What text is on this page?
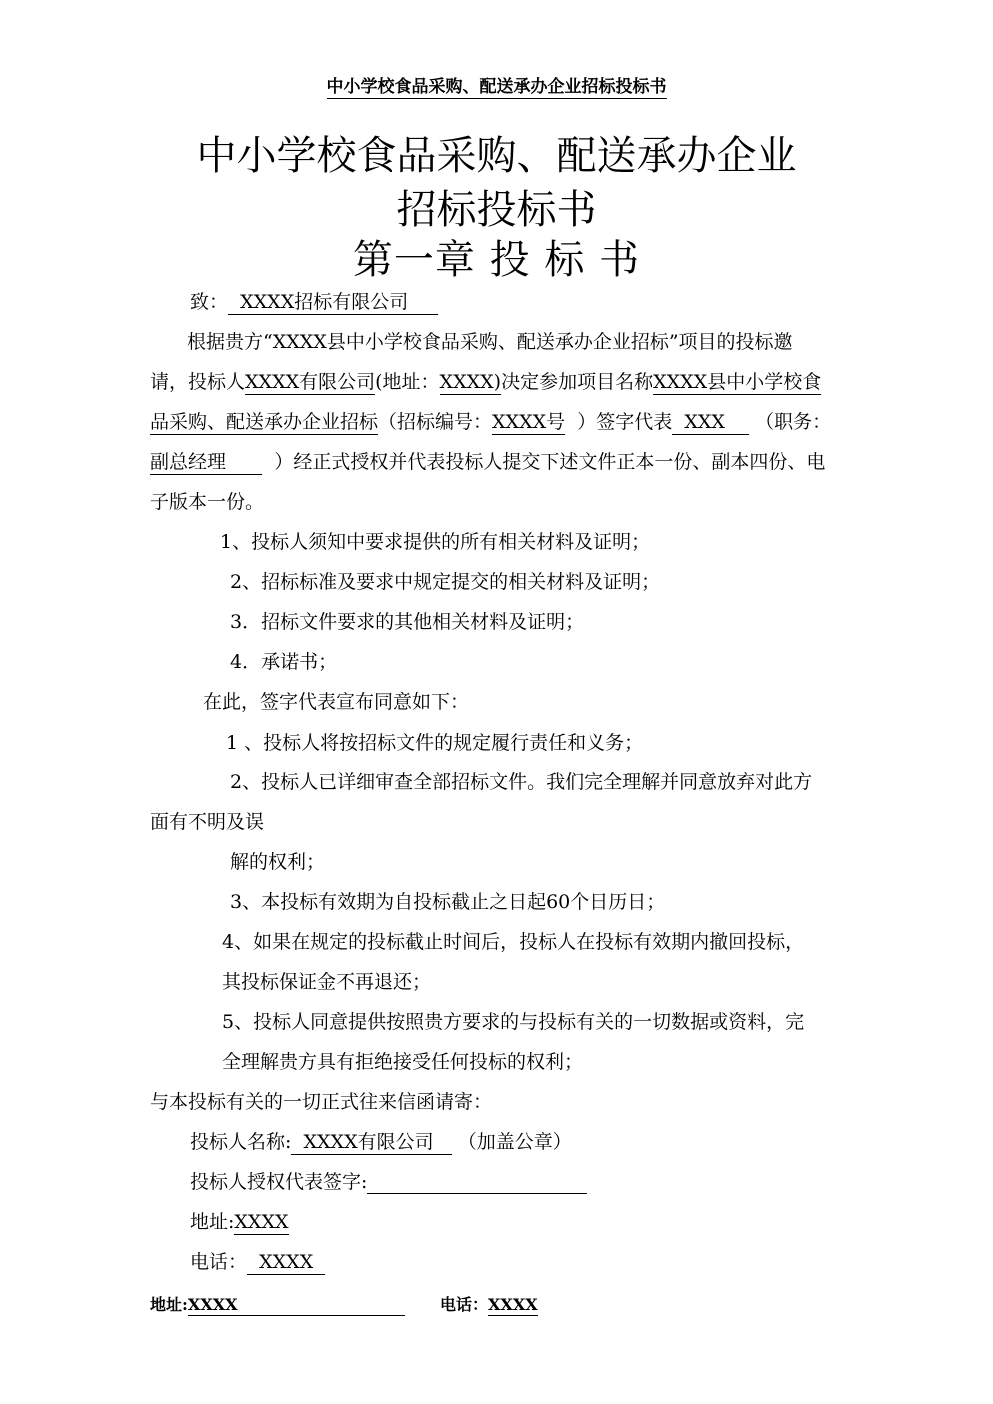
中小学校食品采购、配送承办企业招标投标书
中小学校食品采购、配送承办企业
招标投标书
第一章 投 标 书
致： XXXX招标有限公司
根据贵方“XXXX县中小学校食品采购、配送承办企业招标”项目的投标邀
请，投标人XXXX有限公司(地址：XXXX)决定参加项目名称XXXX县中小学校食
品采购、配送承办企业招标（招标编号：XXXX号 ）签字代表 XXX （职务：
副总经理	）经正式授权并代表投标人提交下述文件正本一份、副本四份、电
子版本一份。
1、投标人须知中要求提供的所有相关材料及证明；
2、招标标准及要求中规定提交的相关材料及证明；
3．招标文件要求的其他相关材料及证明；
4．承诺书；
在此，签字代表宣布同意如下：
1 、投标人将按招标文件的规定履行责任和义务；
2、投标人已详细审查全部招标文件。我们完全理解并同意放弃对此方
面有不明及误
解的权利；
3、本投标有效期为自投标截止之日起60个日历日；
4、如果在规定的投标截止时间后，投标人在投标有效期内撤回投标，
其投标保证金不再退还；
5、投标人同意提供按照贵方要求的与投标有关的一切数据或资料，完
全理解贵方具有拒绝接受任何投标的权利；
与本投标有关的一切正式往来信函请寄：
投标人名称: XXXX有限公司 （加盖公章）
投标人授权代表签字:
地址:XXXX
电话： XXXX
地址:XXXX	电话：XXXX
